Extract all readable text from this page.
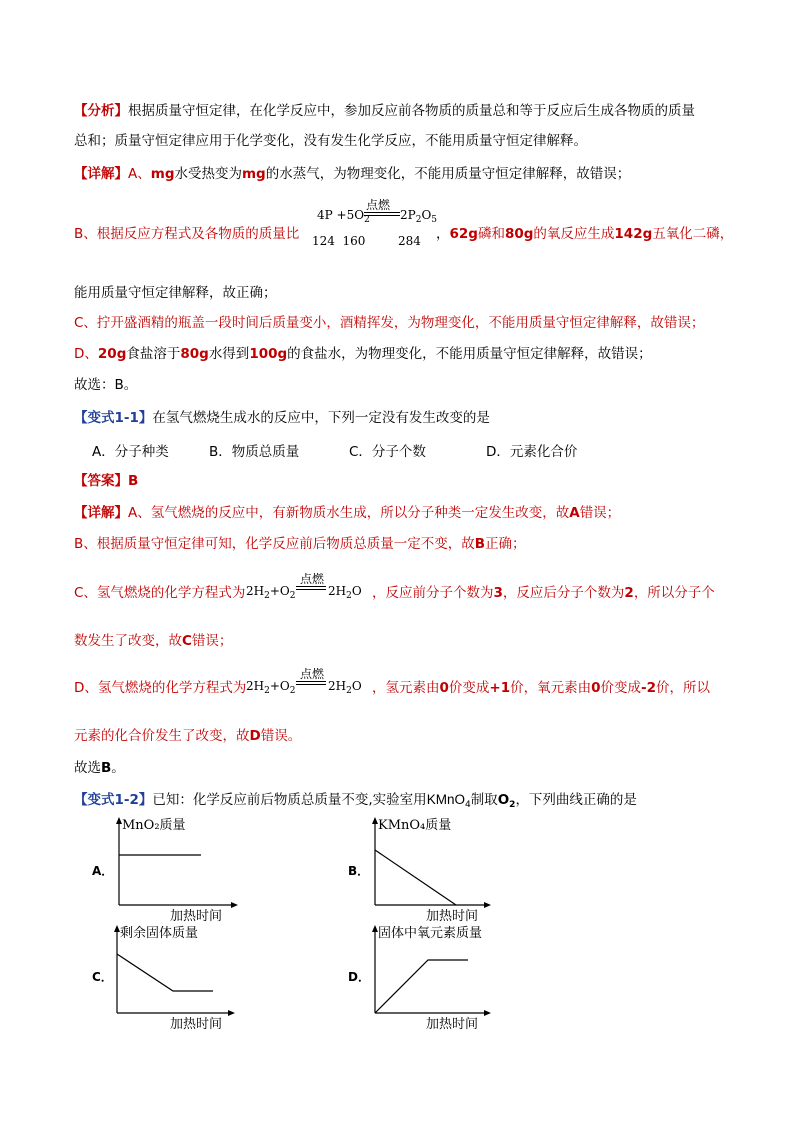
【分析】根据质量守恒定律，在化学反应中，参加反应前各物质的质量总和等于反应后生成各物质的质量
总和；质量守恒定律应用于化学变化，没有发生化学反应，不能用质量守恒定律解释。
【详解】A、mg水受热变为mg的水蒸气，为物理变化，不能用质量守恒定律解释，故错误；
B、根据反应方程式及各物质的质量比
$4P +5O_2$
点燃
$2P_2O_5$
124  160	284 ，62g磷和80g的氧反应生成142g五氧化二磷，
能用质量守恒定律解释，故正确；
C、拧开盛酒精的瓶盖一段时间后质量变小，酒精挥发，为物理变化，不能用质量守恒定律解释，故错误；
D、20g食盐溶于80g水得到100g的食盐水，为物理变化，不能用质量守恒定律解释，故错误；
故选：B。
【变式1-1】在氢气燃烧生成水的反应中，下列一定没有发生改变的是
A．分子种类	B．物质总质量	C．分子个数	D．元素化合价
【答案】B
【详解】A、氢气燃烧的反应中，有新物质水生成，所以分子种类一定发生改变，故A错误；
B、根据质量守恒定律可知，化学反应前后物质总质量一定不变，故B正确；
C、氢气燃烧的化学方程式为 $2H_2+O_2$
点燃
$2H_2O$ ，反应前分子个数为3，反应后分子个数为2，所以分子个
数发生了改变，故C错误；
D、氢气燃烧的化学方程式为 $2H_2+O_2$
点燃
$2H_2O$ ，氢元素由0价变成+1价，氧元素由0价变成-2价，所以
元素的化合价发生了改变，故D错误。
故选B。
【变式1-2】已知：化学反应前后物质总质量不变,实验室用KMnO$_4$制取$O_2$，下列曲线正确的是
MnO₂质量
加热时间
A．
KMnO₄质量
加热时间
B．
剩余固体质量
加热时间
C．
固体中氧元素质量
加热时间
D．
